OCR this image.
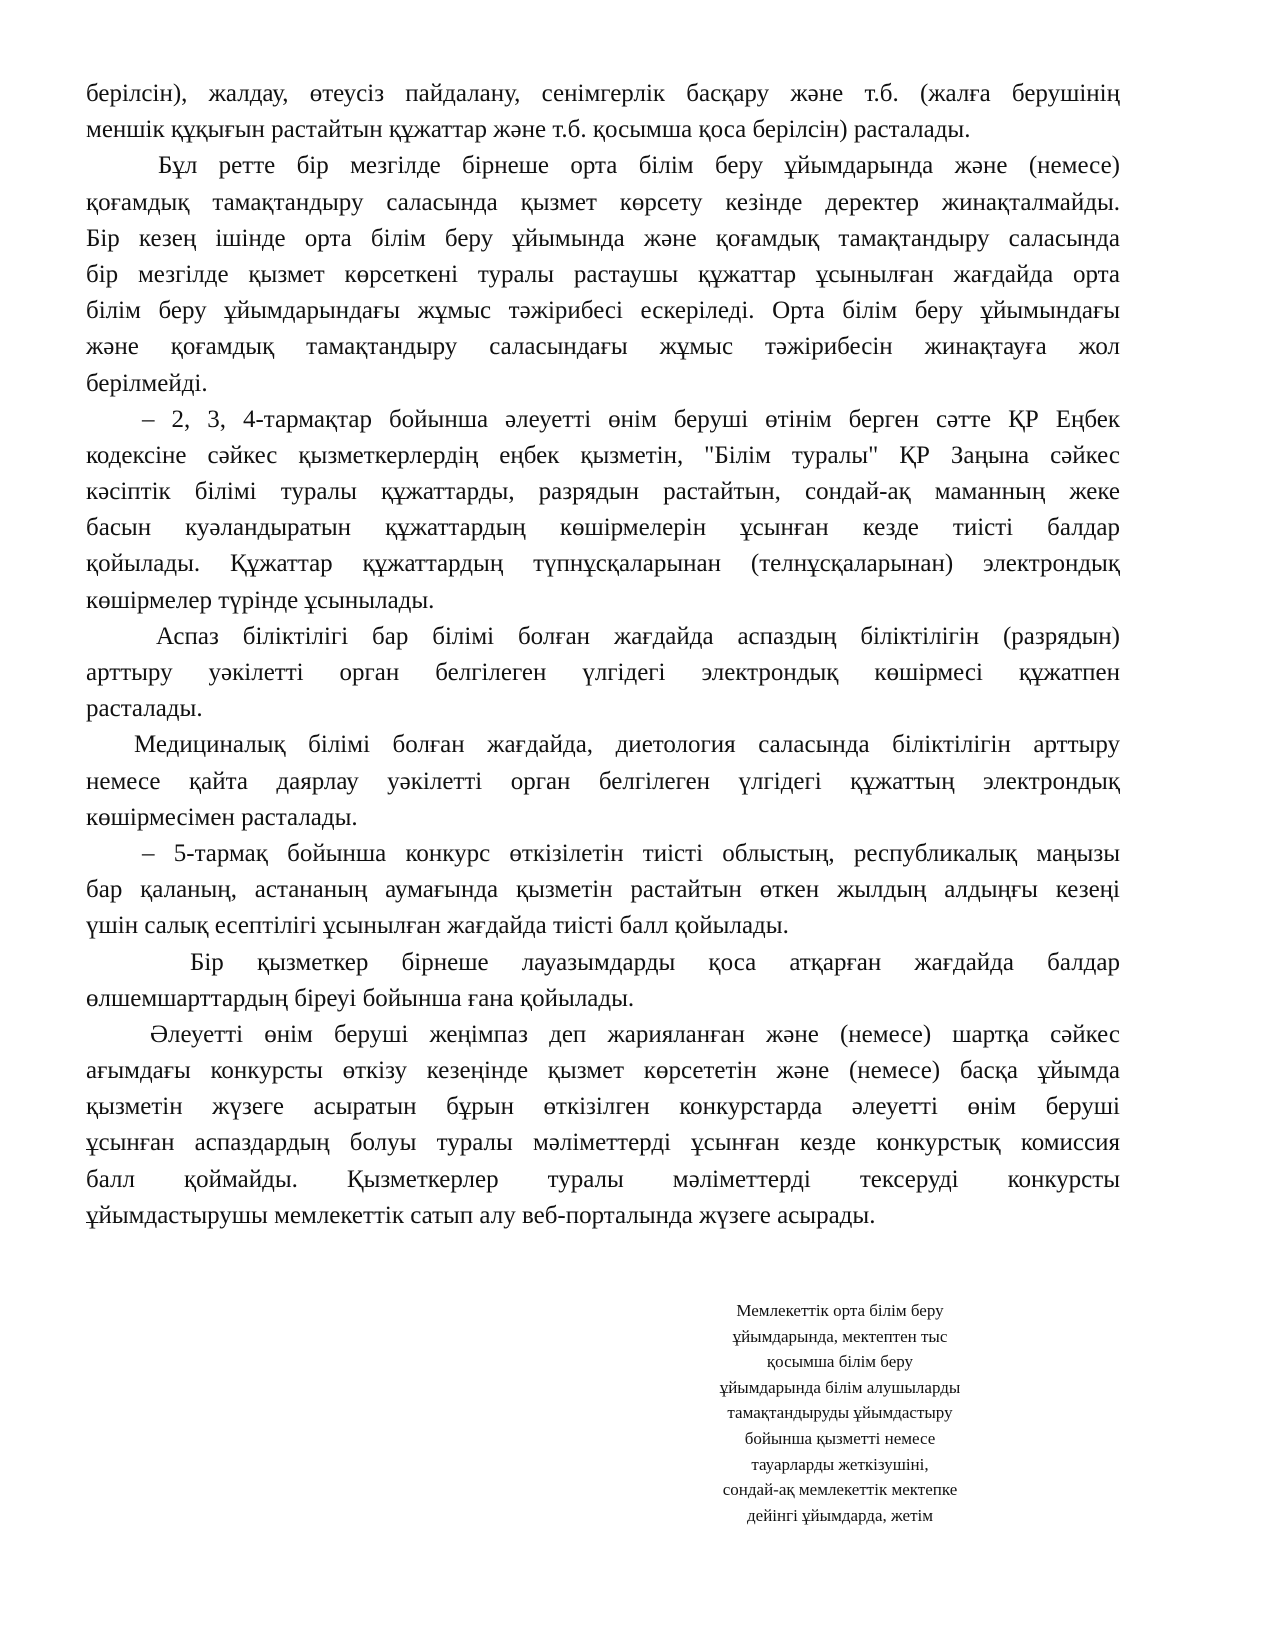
берілсін), жалдау, өтеусіз пайдалану, сенімгерлік басқару және т.б. (жалға берушінің
меншік құқығын растайтын құжаттар және т.б. қосымша қоса берілсін) расталады.
Бұл ретте бір мезгілде бірнеше орта білім беру ұйымдарында және (немесе)
қоғамдық тамақтандыру саласында қызмет көрсету кезінде деректер жинақталмайды.
Бір кезең ішінде орта білім беру ұйымында және қоғамдық тамақтандыру саласында
бір мезгілде қызмет көрсеткені туралы растаушы құжаттар ұсынылған жағдайда орта
білім беру ұйымдарындағы жұмыс тәжірибесі ескеріледі. Орта білім беру ұйымындағы
және қоғамдық тамақтандыру саласындағы жұмыс тәжірибесін жинақтауға жол
берілмейді.
– 2, 3, 4-тармақтар бойынша әлеуетті өнім беруші өтінім берген сәтте ҚР Еңбек
кодексіне сәйкес қызметкерлердің еңбек қызметін, "Білім туралы" ҚР Заңына сәйкес
кәсіптік білімі туралы құжаттарды, разрядын растайтын, сондай-ақ маманның жеке
басын куәландыратын құжаттардың көшірмелерін ұсынған кезде тиісті балдар
қойылады. Құжаттар құжаттардың түпнұсқаларынан (телнұсқаларынан) электрондық
көшірмелер түрінде ұсынылады.
Аспаз біліктілігі бар білімі болған жағдайда аспаздың біліктілігін (разрядын)
арттыру уәкілетті орган белгілеген үлгідегі электрондық көшірмесі құжатпен
расталады.
Медициналық білімі болған жағдайда, диетология саласында біліктілігін арттыру
немесе қайта даярлау уәкілетті орган белгілеген үлгідегі құжаттың электрондық
көшірмесімен расталады.
– 5-тармақ бойынша конкурс өткізілетін тиісті облыстың, республикалық маңызы
бар қаланың, астананың аумағында қызметін растайтын өткен жылдың алдыңғы кезеңі
үшін салық есептілігі ұсынылған жағдайда тиісті балл қойылады.
Бір қызметкер бірнеше лауазымдарды қоса атқарған жағдайда балдар
өлшемшарттардың біреуі бойынша ғана қойылады.
Әлеуетті өнім беруші жеңімпаз деп жарияланған және (немесе) шартқа сәйкес
ағымдағы конкурсты өткізу кезеңінде қызмет көрсететін және (немесе) басқа ұйымда
қызметін жүзеге асыратын бұрын өткізілген конкурстарда әлеуетті өнім беруші
ұсынған аспаздардың болуы туралы мәліметтерді ұсынған кезде конкурстық комиссия
балл қоймайды. Қызметкерлер туралы мәліметтерді тексеруді конкурсты
ұйымдастырушы мемлекеттік сатып алу веб-порталында жүзеге асырады.
Мемлекеттік орта білім беру
ұйымдарында, мектептен тыс
қосымша білім беру
ұйымдарында білім алушыларды
тамақтандыруды ұйымдастыру
бойынша қызметті немесе
тауарларды жеткізушіні,
сондай-ақ мемлекеттік мектепке
дейінгі ұйымдарда, жетім
